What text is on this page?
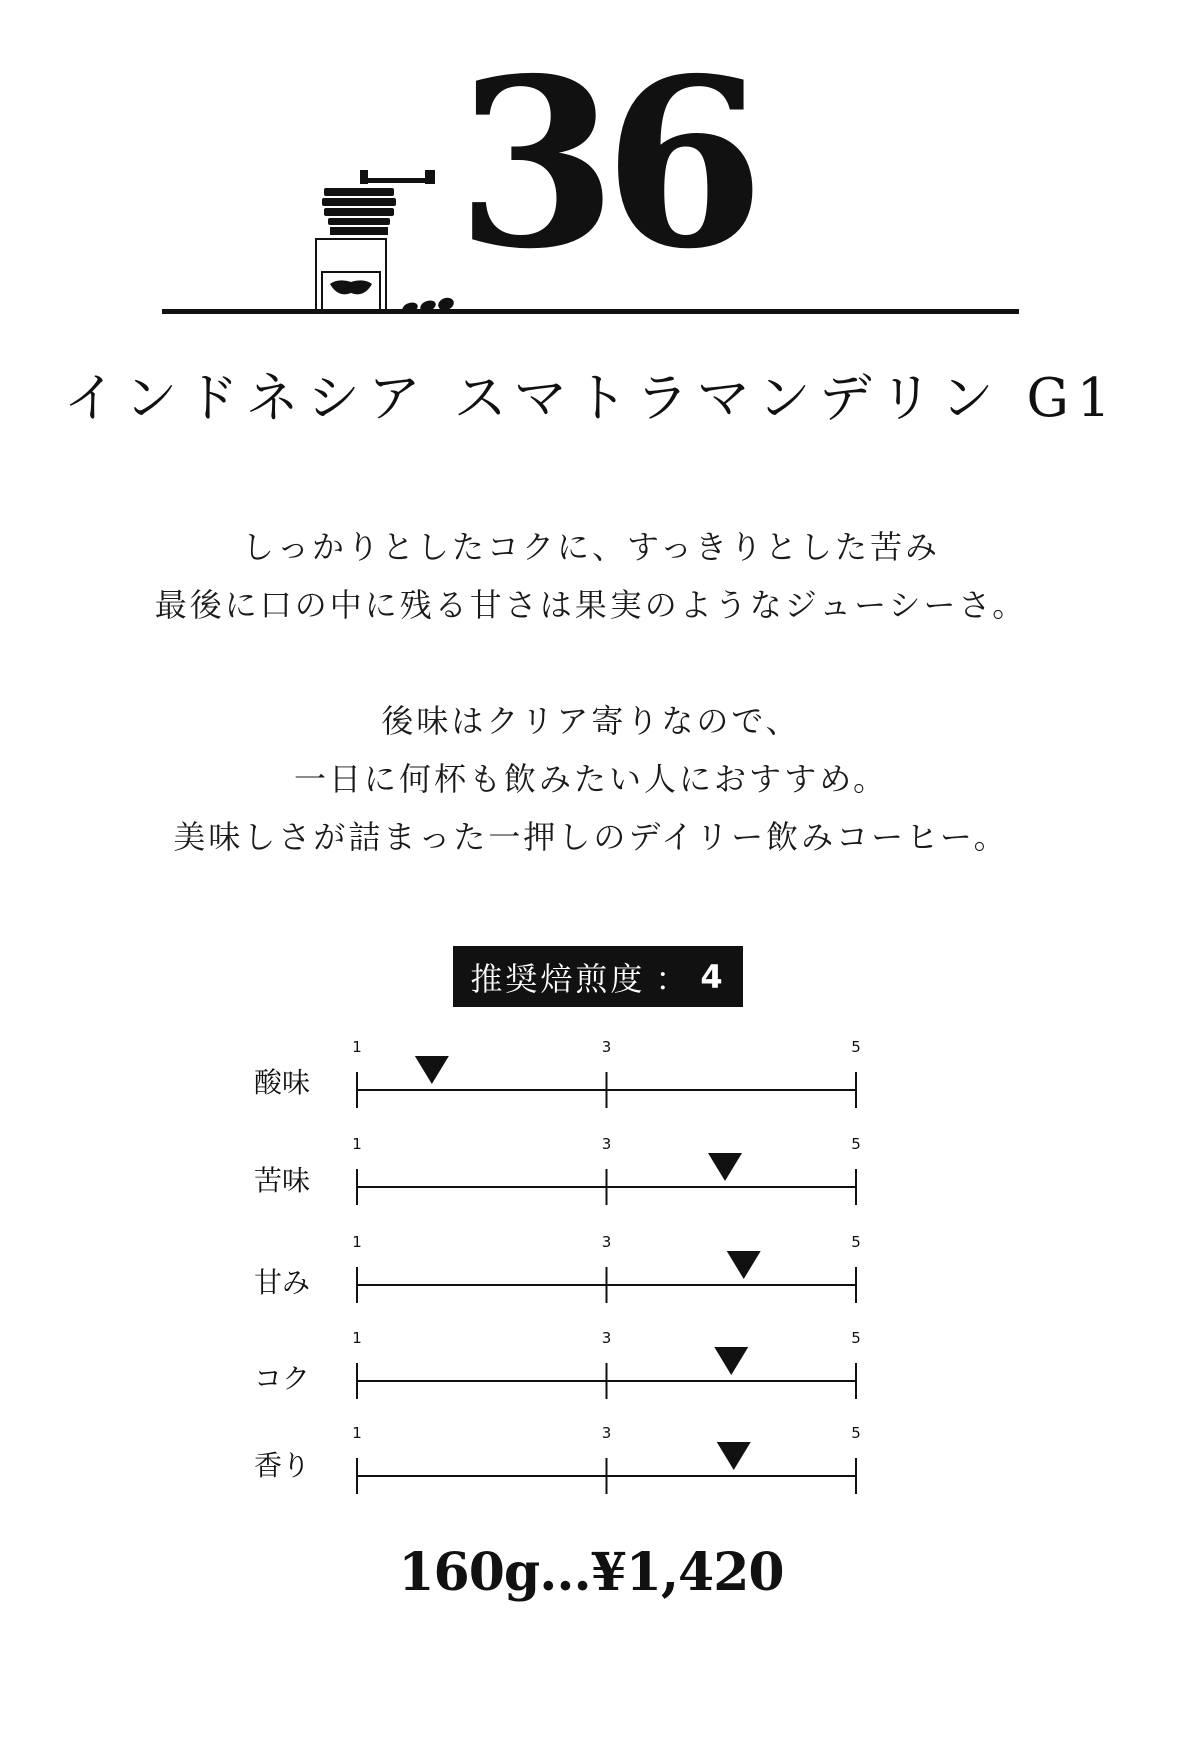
36
インドネシア スマトラマンデリン G1

しっかりとしたコクに、すっきりとした苦み

最後に口の中に残る甘さは果実のようなジューシーさ。

後味はクリア寄りなので、

一日に何杯も飲みたい人におすすめ。

美味しさが詰まった一押しのデイリー飲みコーヒー。

推奨焙煎度 ： 4
1	3	5
酸味
1	3	5
苦味
1	3	5
甘み
1	3	5
コク
1	3	5
香り
160g...¥1,420
